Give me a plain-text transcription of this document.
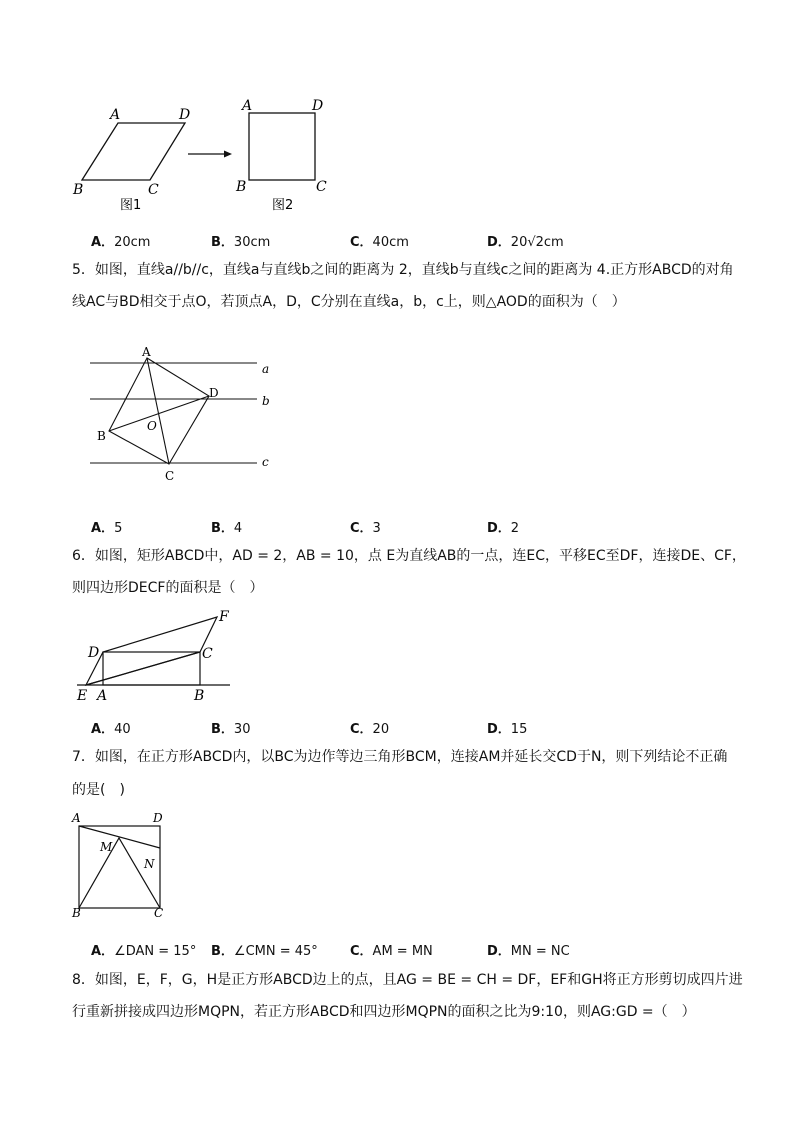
A	D
B	C
图1
A	D
B	C
图2
A．20cm	B．30cm	C．40cm	D．20√2cm
5．如图，直线a//b//c，直线a与直线b之间的距离为 2，直线b与直线c之间的距离为 4.正方形ABCD的对角
线AC与BD相交于点O，若顶点A，D，C分别在直线a，b，c上，则△AOD的面积为（　）
A
D
B
C
O
a
b
c
A．5	B．4	C．3	D．2
6．如图，矩形ABCD中，AD = 2，AB = 10，点 E为直线AB的一点，连EC，平移EC至DF，连接DE、CF，
则四边形DECF的面积是（　）
D	C
F
E A	B
A．40	B．30	C．20	D．15
7．如图，在正方形ABCD内，以BC为边作等边三角形BCM，连接AM并延长交CD于N，则下列结论不正确
的是(　)
A	D
M
N
B	C
A．∠DAN = 15° B．∠CMN = 45° C．AM = MN	D．MN = NC
8．如图，E，F，G，H是正方形ABCD边上的点，且AG = BE = CH = DF，EF和GH将正方形剪切成四片进
行重新拼接成四边形MQPN，若正方形ABCD和四边形MQPN的面积之比为9:10，则AG:GD =（　）
